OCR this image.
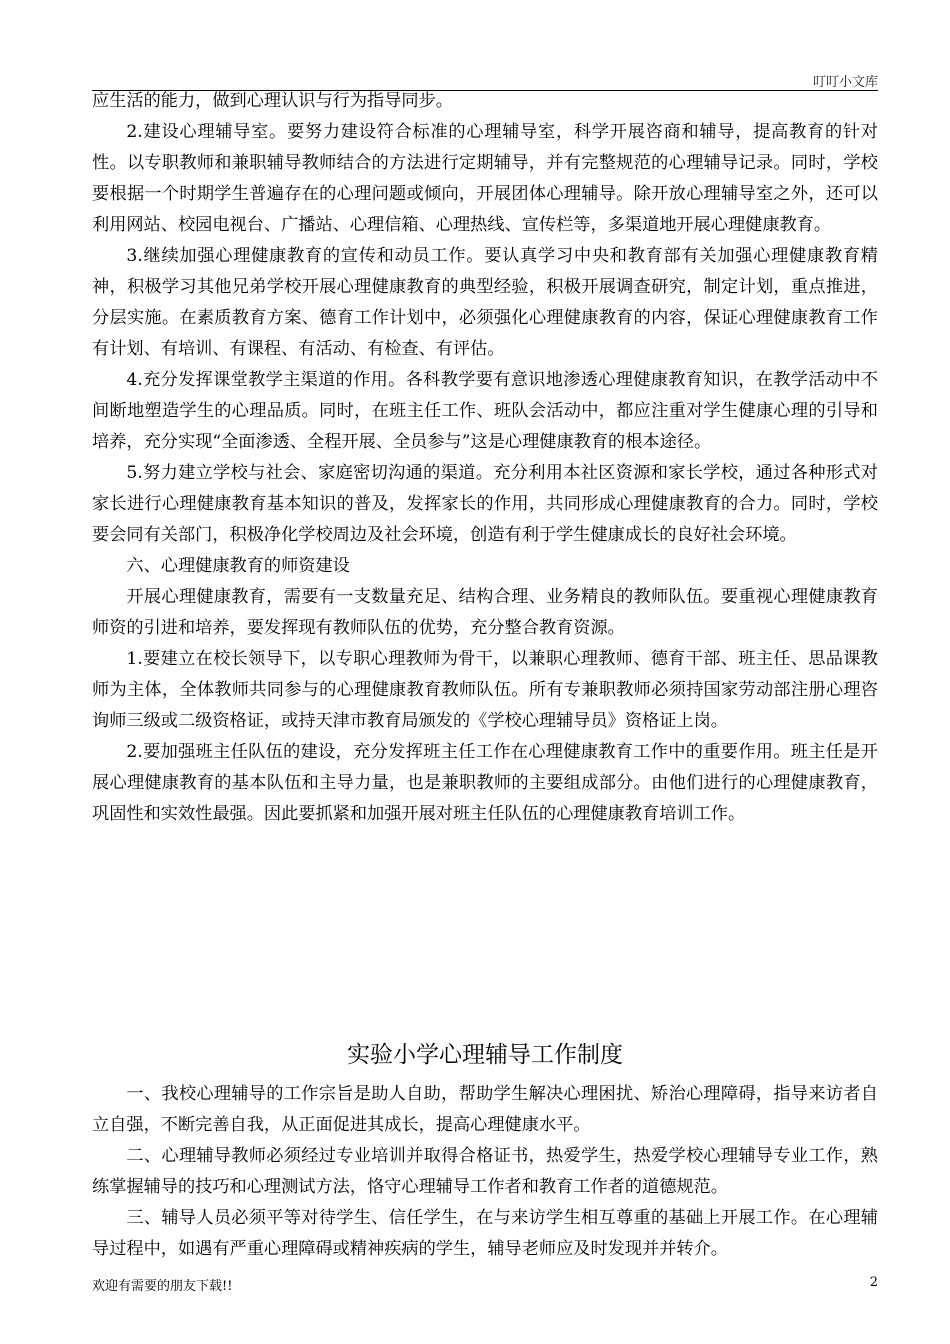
叮叮小文库

应生活的能力，做到心理认识与行为指导同步。

2.建设心理辅导室。要努力建设符合标准的心理辅导室，科学开展咨商和辅导，提高教育的针对性。以专职教师和兼职辅导教师结合的方法进行定期辅导，并有完整规范的心理辅导记录。同时，学校要根据一个时期学生普遍存在的心理问题或倾向，开展团体心理辅导。除开放心理辅导室之外，还可以利用网站、校园电视台、广播站、心理信箱、心理热线、宣传栏等，多渠道地开展心理健康教育。

3.继续加强心理健康教育的宣传和动员工作。要认真学习中央和教育部有关加强心理健康教育精神，积极学习其他兄弟学校开展心理健康教育的典型经验，积极开展调查研究，制定计划，重点推进，分层实施。在素质教育方案、德育工作计划中，必须强化心理健康教育的内容，保证心理健康教育工作有计划、有培训、有课程、有活动、有检查、有评估。

4.充分发挥课堂教学主渠道的作用。各科教学要有意识地渗透心理健康教育知识，在教学活动中不间断地塑造学生的心理品质。同时，在班主任工作、班队会活动中，都应注重对学生健康心理的引导和培养，充分实现“全面渗透、全程开展、全员参与”这是心理健康教育的根本途径。

5.努力建立学校与社会、家庭密切沟通的渠道。充分利用本社区资源和家长学校，通过各种形式对家长进行心理健康教育基本知识的普及，发挥家长的作用，共同形成心理健康教育的合力。同时，学校要会同有关部门，积极净化学校周边及社会环境，创造有利于学生健康成长的良好社会环境。

六、心理健康教育的师资建设

开展心理健康教育，需要有一支数量充足、结构合理、业务精良的教师队伍。要重视心理健康教育师资的引进和培养，要发挥现有教师队伍的优势，充分整合教育资源。

1.要建立在校长领导下，以专职心理教师为骨干，以兼职心理教师、德育干部、班主任、思品课教师为主体，全体教师共同参与的心理健康教育教师队伍。所有专兼职教师必须持国家劳动部注册心理咨询师三级或二级资格证，或持天津市教育局颁发的《学校心理辅导员》资格证上岗。

2.要加强班主任队伍的建设，充分发挥班主任工作在心理健康教育工作中的重要作用。班主任是开展心理健康教育的基本队伍和主导力量，也是兼职教师的主要组成部分。由他们进行的心理健康教育，巩固性和实效性最强。因此要抓紧和加强开展对班主任队伍的心理健康教育培训工作。

实验小学心理辅导工作制度

一、我校心理辅导的工作宗旨是助人自助，帮助学生解决心理困扰、矫治心理障碍，指导来访者自立自强，不断完善自我，从正面促进其成长，提高心理健康水平。

二、心理辅导教师必须经过专业培训并取得合格证书，热爱学生，热爱学校心理辅导专业工作，熟练掌握辅导的技巧和心理测试方法，恪守心理辅导工作者和教育工作者的道德规范。

三、辅导人员必须平等对待学生、信任学生，在与来访学生相互尊重的基础上开展工作。在心理辅导过程中，如遇有严重心理障碍或精神疾病的学生，辅导老师应及时发现并并转介。

欢迎有需要的朋友下载!!	2
